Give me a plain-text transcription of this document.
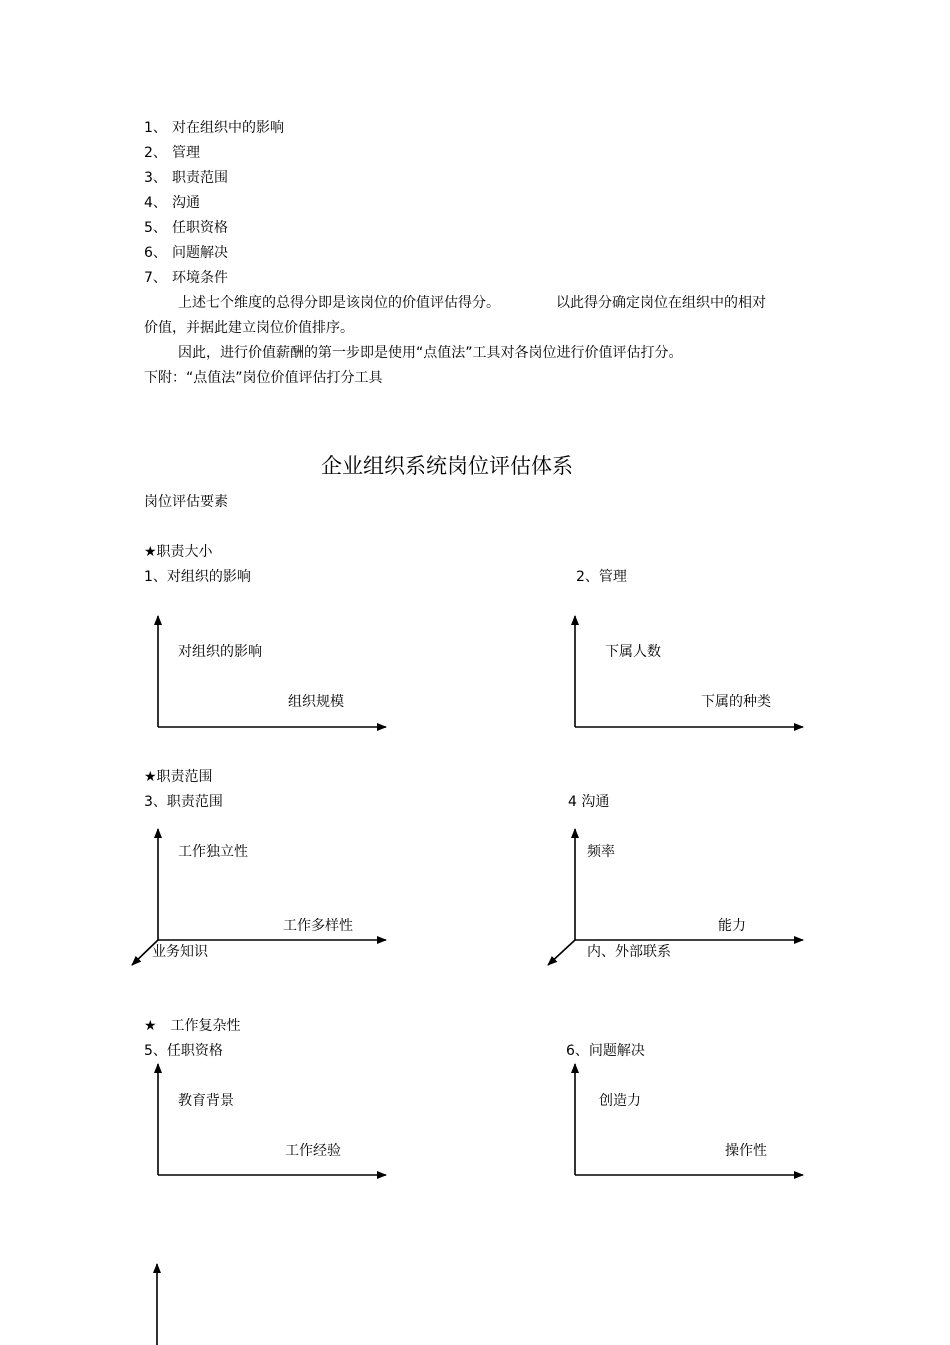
1、 对在组织中的影响
2、 管理
3、 职责范围
4、 沟通
5、 任职资格
6、 问题解决
7、 环境条件
上述七个维度的总得分即是该岗位的价值评估得分。	以此得分确定岗位在组织中的相对
价值，并据此建立岗位价值排序。
因此，进行价值薪酬的第一步即是使用“点值法”工具对各岗位进行价值评估打分。
下附：“点值法”岗位价值评估打分工具
企业组织系统岗位评估体系
岗位评估要素
★职责大小
★职责范围
★　工作复杂性
1、对组织的影响	2、管理
3、职责范围	4 沟通
5、任职资格	6、问题解决
对组织的影响
组织规模
下属人数
下属的种类
工作独立性
工作多样性
业务知识
频率
能力
内、外部联系
教育背景
工作经验
创造力
操作性
